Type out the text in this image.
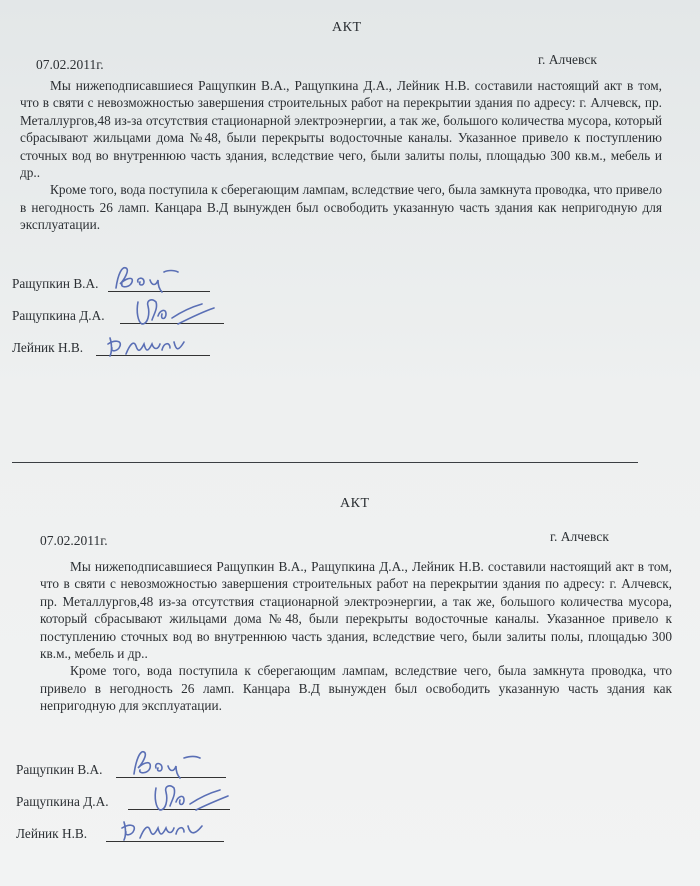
АКТ
07.02.2011г.	г. Алчевск

Мы нижеподписавшиеся Ращупкин В.А., Ращупкина Д.А., Лейник Н.В. составили настоящий акт в том, что в святи с невозможностью завершения строительных работ на перекрытии здания по адресу: г. Алчевск, пр. Металлургов,48 из-за отсутствия стационарной электроэнергии, а так же, большого количества мусора, который сбрасывают жильцами дома №48, были перекрыты водосточные каналы. Указанное привело к поступлению сточных вод во внутреннюю часть здания, вследствие чего, были залиты полы, площадью 300 кв.м., мебель и др..

Кроме того, вода поступила к сберегающим лампам, вследствие чего, была замкнута проводка, что привело в негодность 26 ламп. Канцара В.Д вынужден был освободить указанную часть здания как непригодную для эксплуатации.

Ращупкин В.А.
Ращупкина Д.А.
Лейник Н.В.
АКТ
07.02.2011г.	г. Алчевск

Мы нижеподписавшиеся Ращупкин В.А., Ращупкина Д.А., Лейник Н.В. составили настоящий акт в том, что в святи с невозможностью завершения строительных работ на перекрытии здания по адресу: г. Алчевск, пр. Металлургов,48 из-за отсутствия стационарной электроэнергии, а так же, большого количества мусора, который сбрасывают жильцами дома №48, были перекрыты водосточные каналы. Указанное привело к поступлению сточных вод во внутреннюю часть здания, вследствие чего, были залиты полы, площадью 300 кв.м., мебель и др..

Кроме того, вода поступила к сберегающим лампам, вследствие чего, была замкнута проводка, что привело в негодность 26 ламп. Канцара В.Д вынужден был освободить указанную часть здания как непригодную для эксплуатации.

Ращупкин В.А.
Ращупкина Д.А.
Лейник Н.В.
